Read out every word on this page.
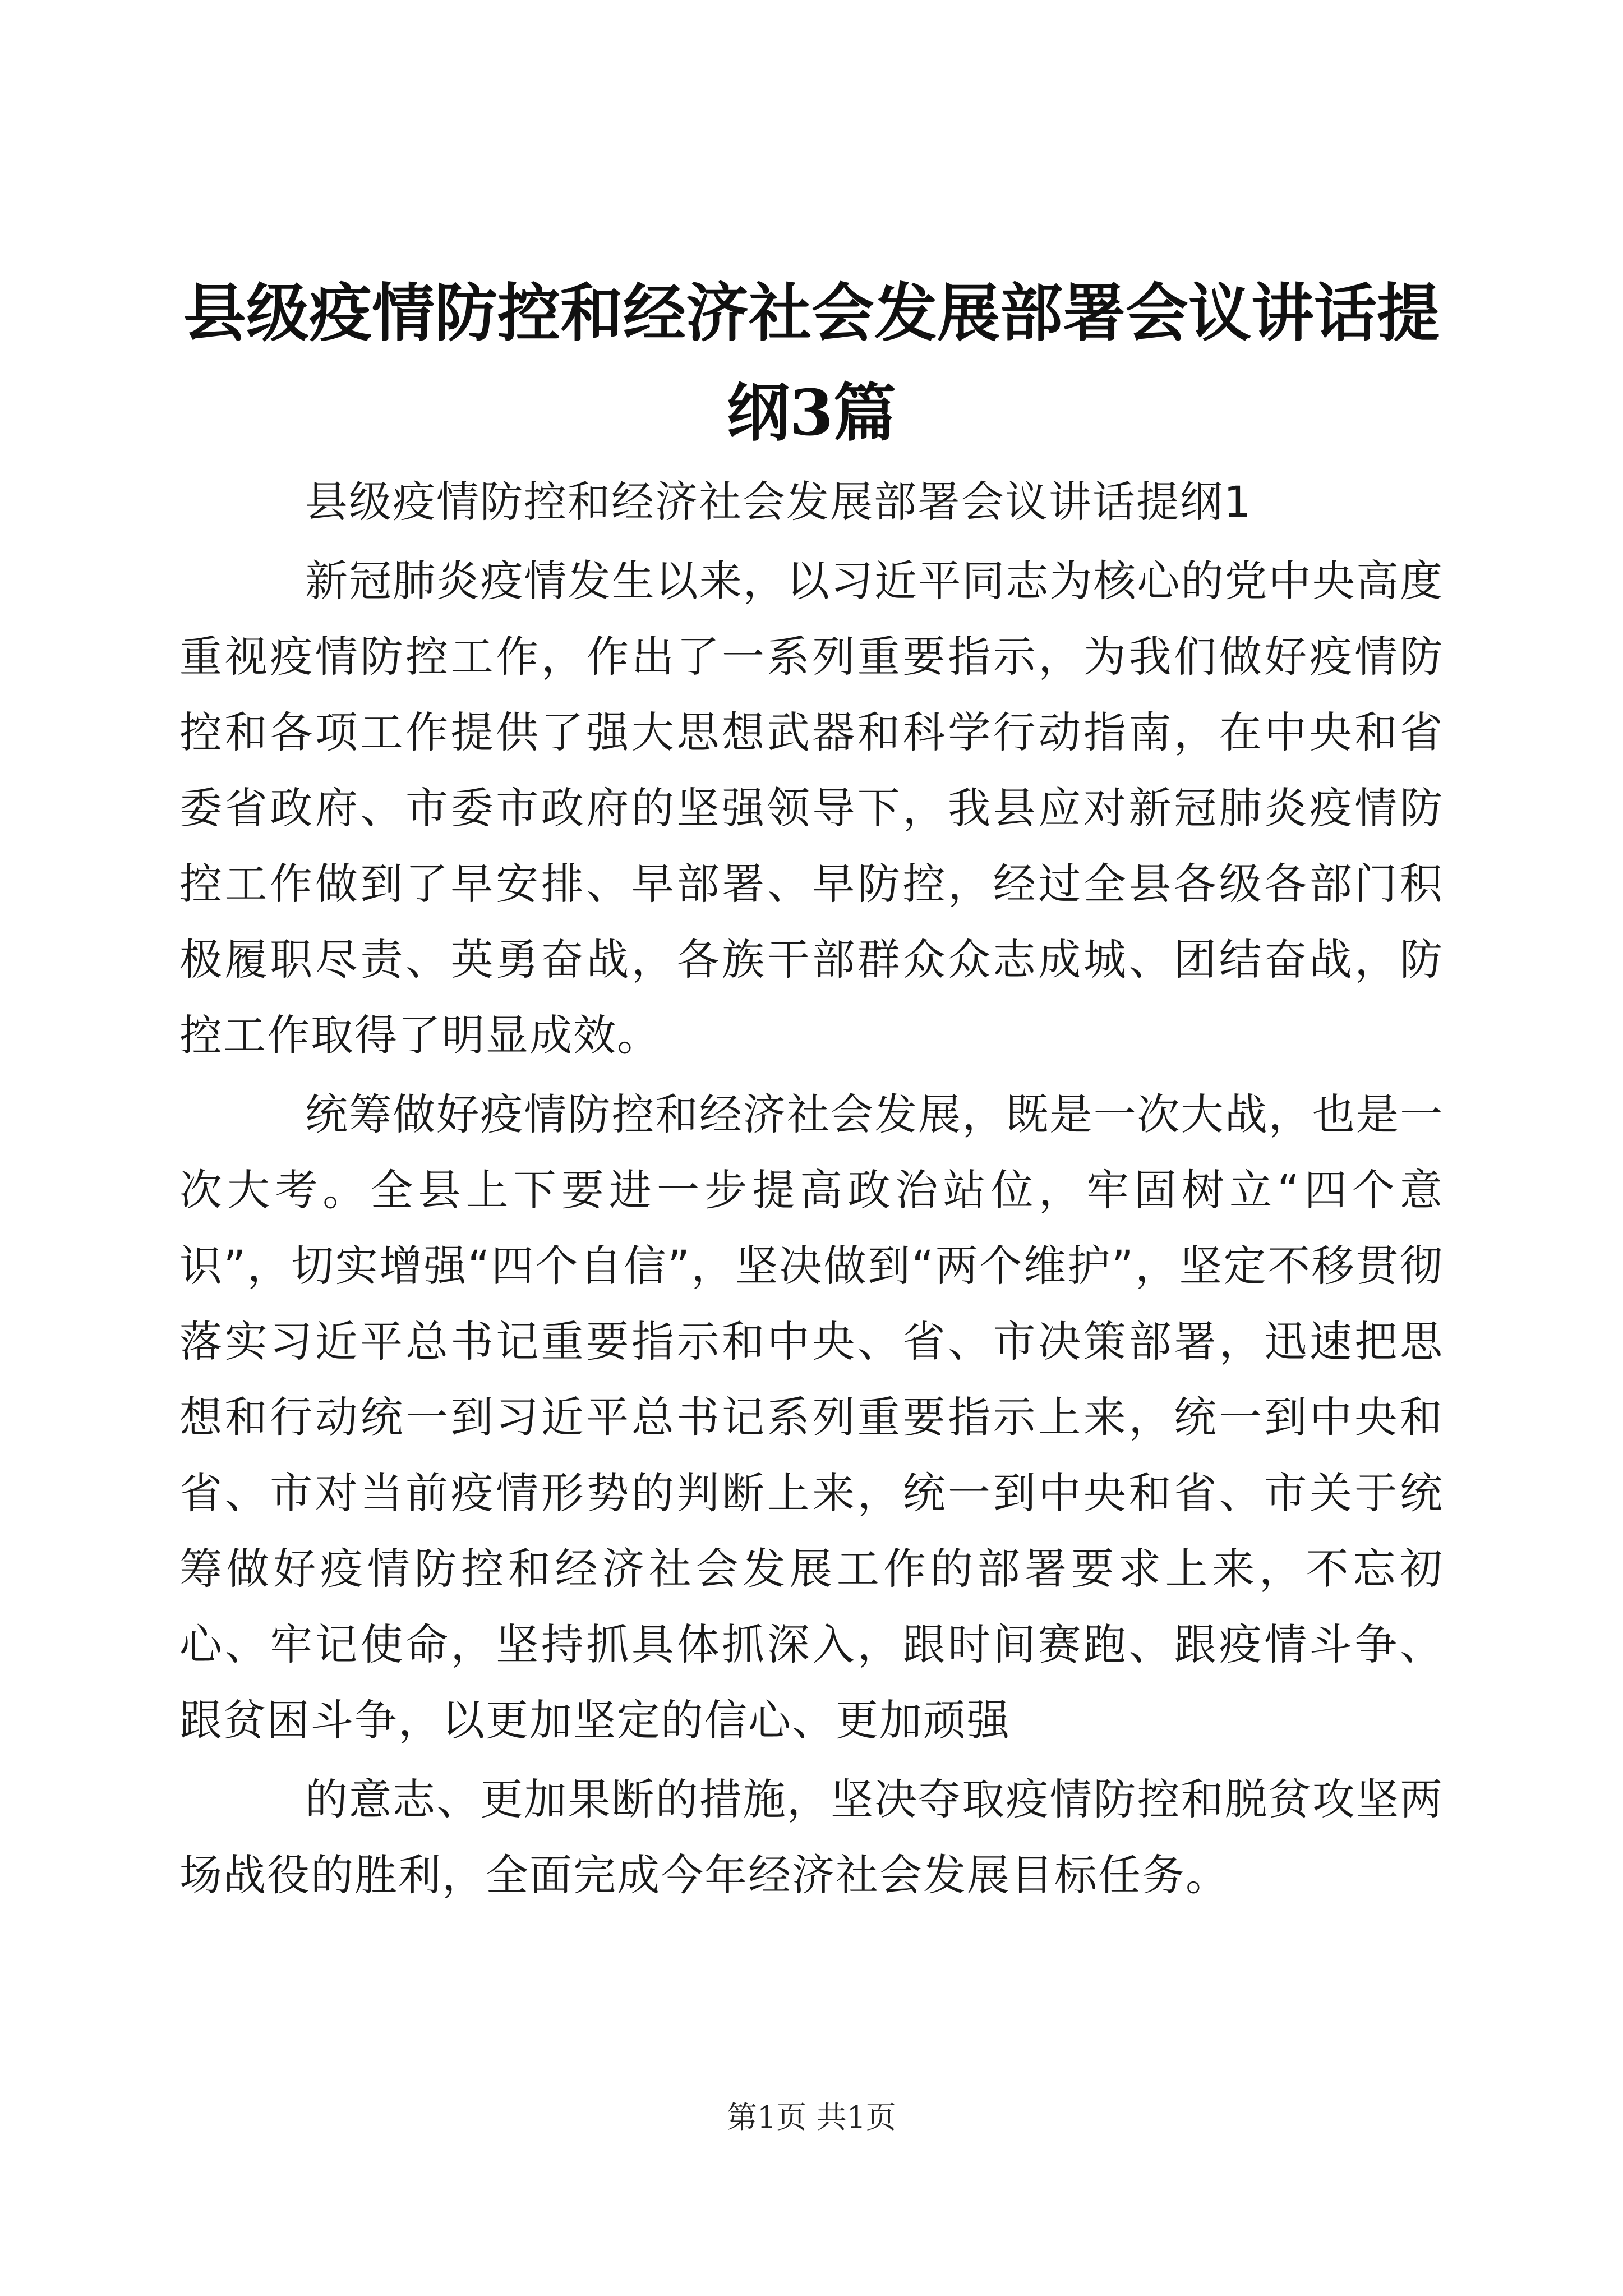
县级疫情防控和经济社会发展部署会议讲话提纲3篇

县级疫情防控和经济社会发展部署会议讲话提纲1

新冠肺炎疫情发生以来，以习近平同志为核心的党中央高度重视疫情防控工作，作出了一系列重要指示，为我们做好疫情防控和各项工作提供了强大思想武器和科学行动指南，在中央和省委省政府、市委市政府的坚强领导下，我县应对新冠肺炎疫情防控工作做到了早安排、早部署、早防控，经过全县各级各部门积极履职尽责、英勇奋战，各族干部群众众志成城、团结奋战，防控工作取得了明显成效。

统筹做好疫情防控和经济社会发展，既是一次大战，也是一次大考。全县上下要进一步提高政治站位，牢固树立“四个意识”，切实增强“四个自信”，坚决做到“两个维护”，坚定不移贯彻落实习近平总书记重要指示和中央、省、市决策部署，迅速把思想和行动统一到习近平总书记系列重要指示上来，统一到中央和省、市对当前疫情形势的判断上来，统一到中央和省、市关于统筹做好疫情防控和经济社会发展工作的部署要求上来，不忘初心、牢记使命，坚持抓具体抓深入，跟时间赛跑、跟疫情斗争、跟贫困斗争，以更加坚定的信心、更加顽强

的意志、更加果断的措施，坚决夺取疫情防控和脱贫攻坚两场战役的胜利，全面完成今年经济社会发展目标任务。

第1页 共1页
